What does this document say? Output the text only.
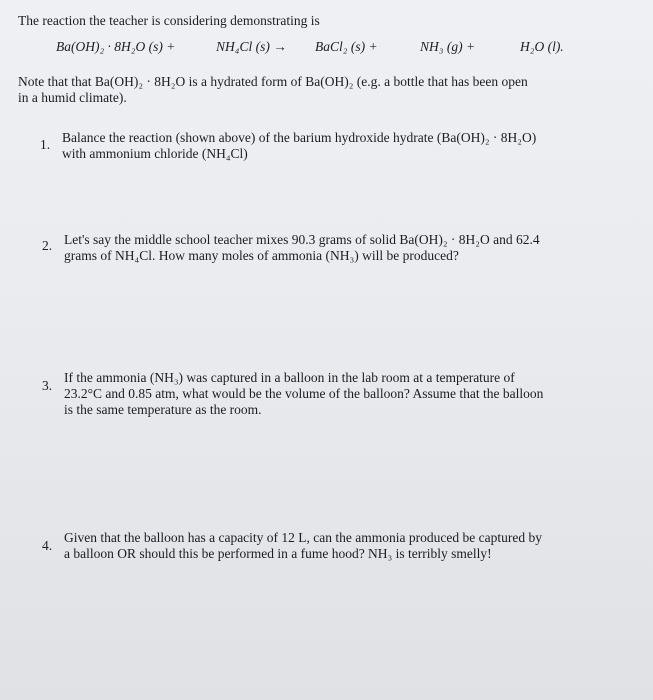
The reaction the teacher is considering demonstrating is
Ba(OH)₂ · 8H₂O (s) +	NH₄Cl (s) → BaCl₂ (s) +	NH₃ (g) +	H₂O (l).
Note that that Ba(OH)₂ · 8H₂O is a hydrated form of Ba(OH)₂ (e.g. a bottle that has been open
in a humid climate).
1. Balance the reaction (shown above) of the barium hydroxide hydrate (Ba(OH)₂ · 8H₂O)
with ammonium chloride (NH₄Cl)
2. Let's say the middle school teacher mixes 90.3 grams of solid Ba(OH)₂ · 8H₂O and 62.4
grams of NH₄Cl. How many moles of ammonia (NH₃) will be produced?
3.
If the ammonia (NH₃) was captured in a balloon in the lab room at a temperature of
23.2°C and 0.85 atm, what would be the volume of the balloon? Assume that the balloon
is the same temperature as the room.
4.
Given that the balloon has a capacity of 12 L, can the ammonia produced be captured by
a balloon OR should this be performed in a fume hood? NH₃ is terribly smelly!
